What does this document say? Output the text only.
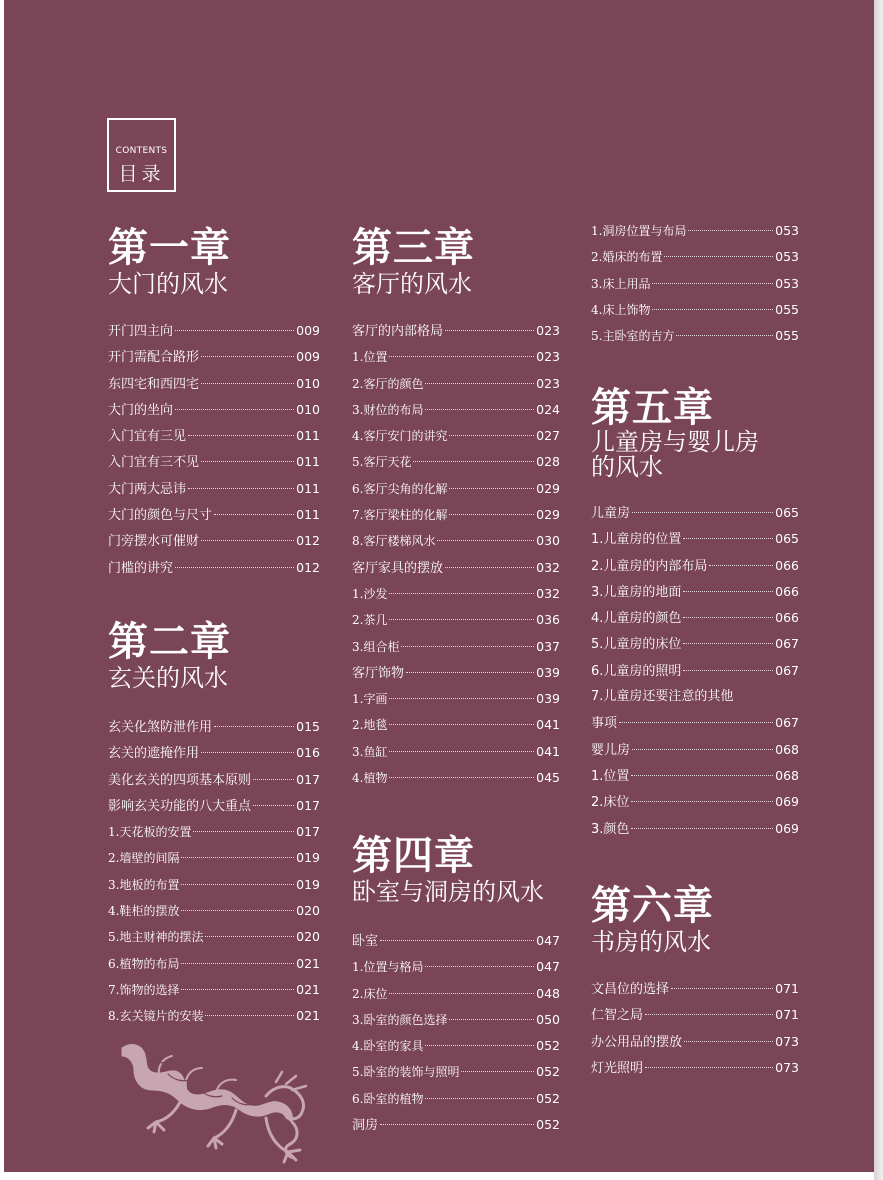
CONTENTS
目录
第一章
大门的风水
开门四主向	009
开门需配合路形	009
东四宅和西四宅	010
大门的坐向	010
入门宜有三见	011
入门宜有三不见	011
大门两大忌讳	011
大门的颜色与尺寸	011
门旁摆水可催财	012
门槛的讲究	012
第二章
玄关的风水
玄关化煞防泄作用	015
玄关的遮掩作用	016
美化玄关的四项基本原则	017
影响玄关功能的八大重点	017
1.天花板的安置	017
2.墙壁的间隔	019
3.地板的布置	019
4.鞋柜的摆放	020
5.地主财神的摆法	020
6.植物的布局	021
7.饰物的选择	021
8.玄关镜片的安装	021
第三章
客厅的风水
客厅的内部格局	023
1.位置	023
2.客厅的颜色	023
3.财位的布局	024
4.客厅安门的讲究	027
5.客厅天花	028
6.客厅尖角的化解	029
7.客厅梁柱的化解	029
8.客厅楼梯风水	030
客厅家具的摆放	032
1.沙发	032
2.茶几	036
3.组合柜	037
客厅饰物	039
1.字画	039
2.地毯	041
3.鱼缸	041
4.植物	045
第四章
卧室与洞房的风水
卧室	047
1.位置与格局	047
2.床位	048
3.卧室的颜色选择	050
4.卧室的家具	052
5.卧室的装饰与照明	052
6.卧室的植物	052
洞房	052
1.洞房位置与布局	053
2.婚床的布置	053
3.床上用品	053
4.床上饰物	055
5.主卧室的吉方	055
第五章
儿童房与婴儿房
的风水
儿童房	065
1.儿童房的位置	065
2.儿童房的内部布局	066
3.儿童房的地面	066
4.儿童房的颜色	066
5.儿童房的床位	067
6.儿童房的照明	067
7.儿童房还要注意的其他
事项	067
婴儿房	068
1.位置	068
2.床位	069
3.颜色	069
第六章
书房的风水
文昌位的选择	071
仁智之局	071
办公用品的摆放	073
灯光照明	073
